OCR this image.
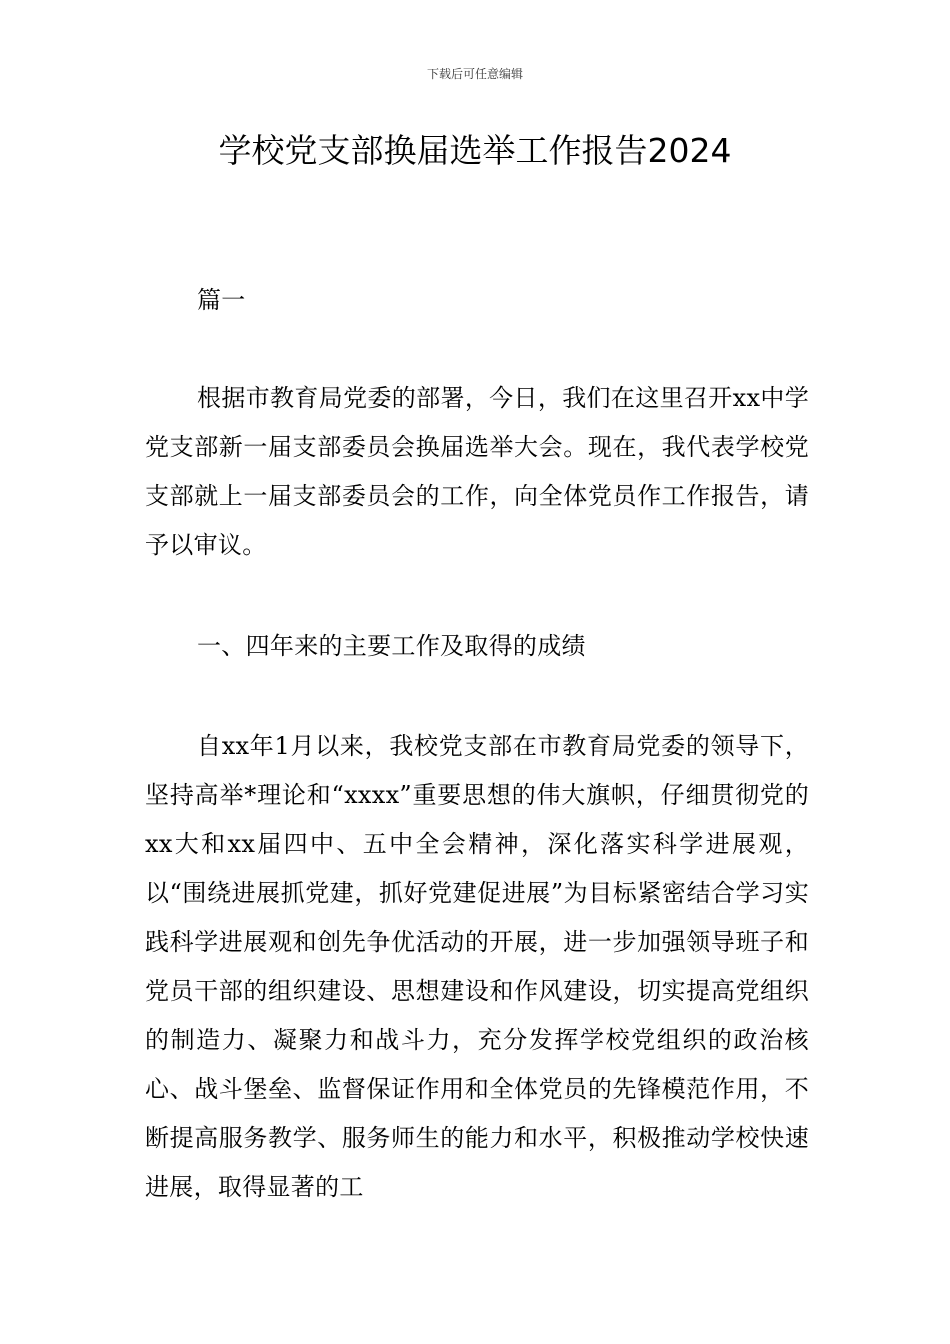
下载后可任意编辑
学校党支部换届选举工作报告2024

篇一

根据市教育局党委的部署，今日，我们在这里召开xx中学党支部新一届支部委员会换届选举大会。现在，我代表学校党支部就上一届支部委员会的工作，向全体党员作工作报告，请予以审议。

一、四年来的主要工作及取得的成绩

自xx年1月以来，我校党支部在市教育局党委的领导下，坚持高举*理论和“xxxx”重要思想的伟大旗帜，仔细贯彻党的xx大和xx届四中、五中全会精神，深化落实科学进展观，以“围绕进展抓党建，抓好党建促进展”为目标紧密结合学习实践科学进展观和创先争优活动的开展，进一步加强领导班子和党员干部的组织建设、思想建设和作风建设，切实提高党组织的制造力、凝聚力和战斗力，充分发挥学校党组织的政治核心、战斗堡垒、监督保证作用和全体党员的先锋模范作用，不断提高服务教学、服务师生的能力和水平，积极推动学校快速进展，取得显著的工
